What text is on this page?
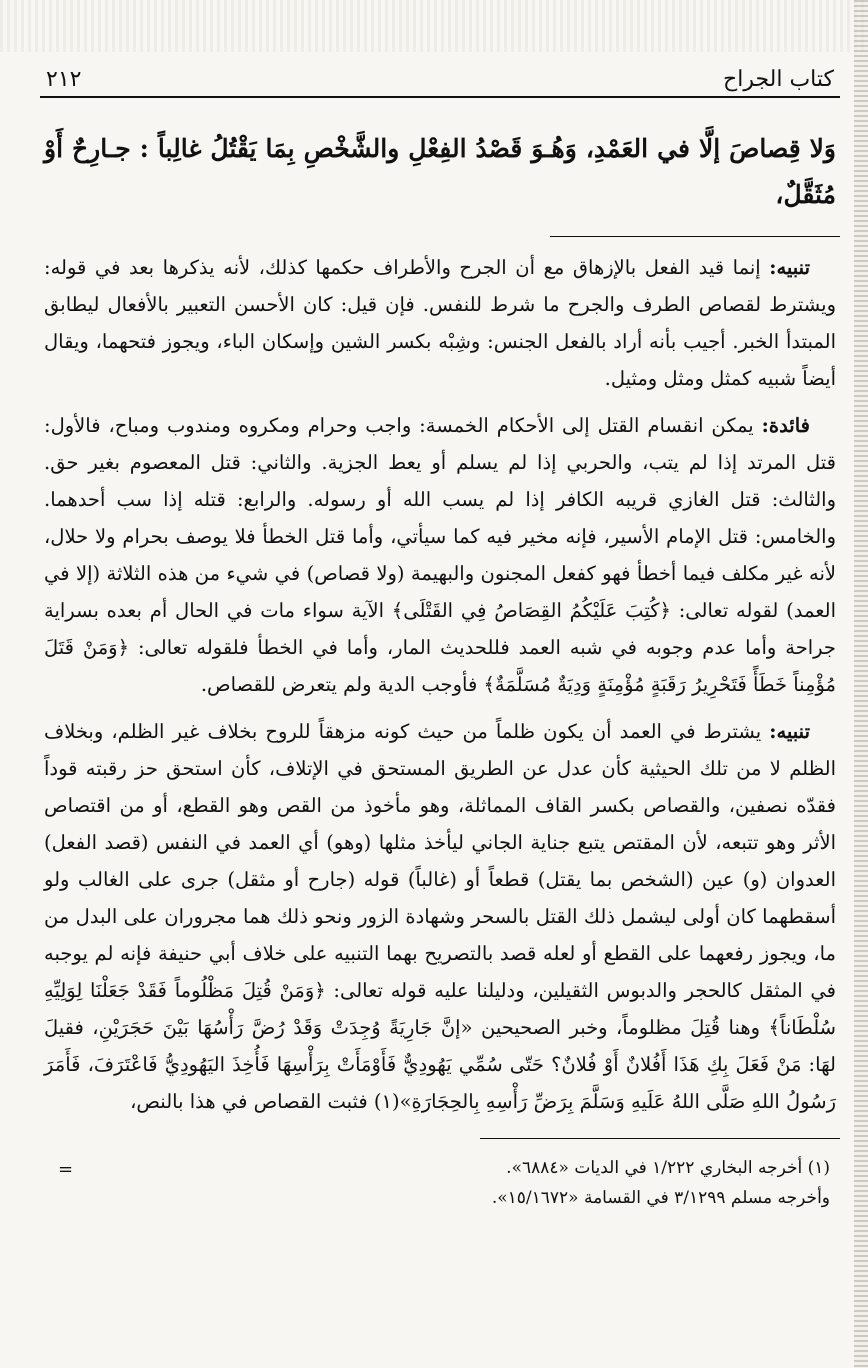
كتاب الجراح
٢١٢
وَلا قِصاصَ إلَّا في العَمْدِ، وَهُـوَ قَصْدُ الفِعْلِ والشَّخْصِ بِمَا يَقْتُلُ غالِباً : جـارِحٌ أَوْ مُثَقَّلٌ،

تنبيه: إنما قيد الفعل بالإزهاق مع أن الجرح والأطراف حكمها كذلك، لأنه يذكرها بعد في قوله: ويشترط لقصاص الطرف والجرح ما شرط للنفس. فإن قيل: كان الأحسن التعبير بالأفعال ليطابق المبتدأ الخبر. أجيب بأنه أراد بالفعل الجنس: وشِبْه بكسر الشين وإسكان الباء، ويجوز فتحهما، ويقال أيضاً شبيه كمثل ومثل ومثيل.

فائدة: يمكن انقسام القتل إلى الأحكام الخمسة: واجب وحرام ومكروه ومندوب ومباح، فالأول: قتل المرتد إذا لم يتب، والحربي إذا لم يسلم أو يعط الجزية. والثاني: قتل المعصوم بغير حق. والثالث: قتل الغازي قريبه الكافر إذا لم يسب الله أو رسوله. والرابع: قتله إذا سب أحدهما. والخامس: قتل الإمام الأسير، فإنه مخير فيه كما سيأتي، وأما قتل الخطأ فلا يوصف بحرام ولا حلال، لأنه غير مكلف فيما أخطأ فهو كفعل المجنون والبهيمة (ولا قصاص) في شيء من هذه الثلاثة (إلا في العمد) لقوله تعالى: ﴿كُتِبَ عَلَيْكُمُ القِصَاصُ فِي القَتْلَى﴾ الآية سواء مات في الحال أم بعده بسراية جراحة وأما عدم وجوبه في شبه العمد فللحديث المار، وأما في الخطأ فلقوله تعالى: ﴿وَمَنْ قَتَلَ مُؤْمِناً خَطَأً فَتَحْرِيرُ رَقَبَةٍ مُؤْمِنَةٍ وَدِيَةٌ مُسَلَّمَةٌ﴾ فأوجب الدية ولم يتعرض للقصاص.

تنبيه: يشترط في العمد أن يكون ظلماً من حيث كونه مزهقاً للروح بخلاف غير الظلم، وبخلاف الظلم لا من تلك الحيثية كأن عدل عن الطريق المستحق في الإتلاف، كأن استحق حز رقبته قوداً فقدّه نصفين، والقصاص بكسر القاف المماثلة، وهو مأخوذ من القص وهو القطع، أو من اقتصاص الأثر وهو تتبعه، لأن المقتص يتبع جناية الجاني ليأخذ مثلها (وهو) أي العمد في النفس (قصد الفعل) العدوان (و) عين (الشخص بما يقتل) قطعاً أو (غالباً) قوله (جارح أو مثقل) جرى على الغالب ولو أسقطهما كان أولى ليشمل ذلك القتل بالسحر وشهادة الزور ونحو ذلك هما مجروران على البدل من ما، ويجوز رفعهما على القطع أو لعله قصد بالتصريح بهما التنبيه على خلاف أبي حنيفة فإنه لم يوجبه في المثقل كالحجر والدبوس الثقيلين، ودليلنا عليه قوله تعالى: ﴿وَمَنْ قُتِلَ مَظْلُوماً فَقَدْ جَعَلْنَا لِوَلِيِّهِ سُلْطَاناً﴾ وهنا قُتِلَ مظلوماً، وخبر الصحيحين «إنَّ جَارِيَةً وُجِدَتْ وَقَدْ رُضَّ رَأْسُهَا بَيْنَ حَجَرَيْنِ، فقيلَ لهَا: مَنْ فَعَلَ بِكِ هَذَا أَفُلانٌ أَوْ فُلانٌ؟ حَتّى سُمِّي يَهُودِيٌّ فَأَوْمَأَتْ بِرَأْسِهَا فَأُخِذَ اليَهُودِيُّ فَاعْتَرَفَ، فَأَمَرَ رَسُولُ اللهِ صَلَّى اللهُ عَلَيهِ وَسَلَّمَ بِرَضِّ رَأْسِهِ بِالحِجَارَةِ»(١) فثبت القصاص في هذا بالنص،

(١) أخرجه البخاري ١/٢٢٢ في الديات «٦٨٨٤».
وأخرجه مسلم ٣/١٢٩٩ في القسامة «١٥/١٦٧٢».
=
